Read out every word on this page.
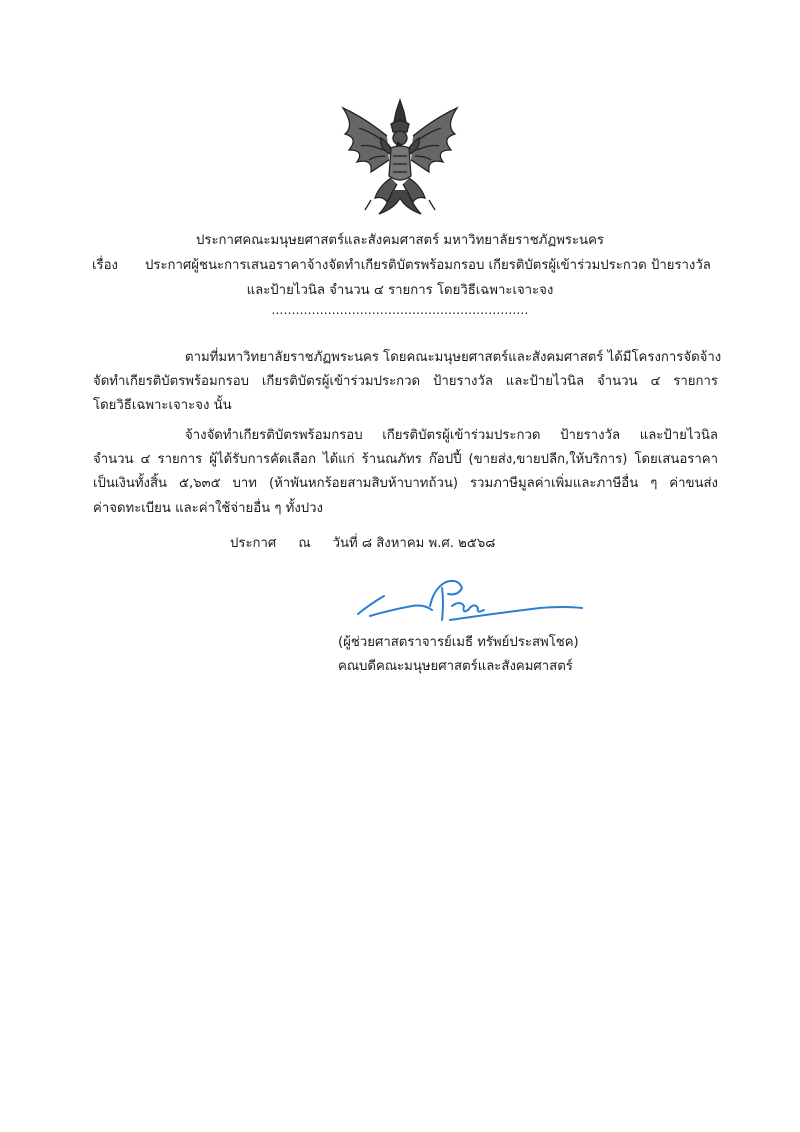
ประกาศคณะมนุษยศาสตร์และสังคมศาสตร์ มหาวิทยาลัยราชภัฏพระนคร
เรื่อง ประกาศผู้ชนะการเสนอราคาจ้างจัดทำเกียรติบัตรพร้อมกรอบ เกียรติบัตรผู้เข้าร่วมประกวด ป้ายรางวัล
และป้ายไวนิล จำนวน ๔ รายการ โดยวิธีเฉพาะเจาะจง
................................................................
ตามที่มหาวิทยาลัยราชภัฏพระนคร โดยคณะมนุษยศาสตร์และสังคมศาสตร์ ได้มีโครงการจัดจ้าง
จัดทำเกียรติบัตรพร้อมกรอบ เกียรติบัตรผู้เข้าร่วมประกวด ป้ายรางวัล และป้ายไวนิล จำนวน ๔ รายการ
โดยวิธีเฉพาะเจาะจง นั้น
จ้างจัดทำเกียรติบัตรพร้อมกรอบ เกียรติบัตรผู้เข้าร่วมประกวด ป้ายรางวัล และป้ายไวนิล
จำนวน ๔ รายการ ผู้ได้รับการคัดเลือก ได้แก่ ร้านณภัทร ก๊อปปี้ (ขายส่ง,ขายปลีก,ให้บริการ) โดยเสนอราคา
เป็นเงินทั้งสิ้น ๕,๖๓๕ บาท (ห้าพันหกร้อยสามสิบห้าบาทถ้วน) รวมภาษีมูลค่าเพิ่มและภาษีอื่น ๆ ค่าขนส่ง
ค่าจดทะเบียน และค่าใช้จ่ายอื่น ๆ ทั้งปวง
ประกาศ ณ วันที่ ๘ สิงหาคม พ.ศ. ๒๕๖๘
(ผู้ช่วยศาสตราจารย์เมธี ทรัพย์ประสพโชค)
คณบดีคณะมนุษยศาสตร์และสังคมศาสตร์
